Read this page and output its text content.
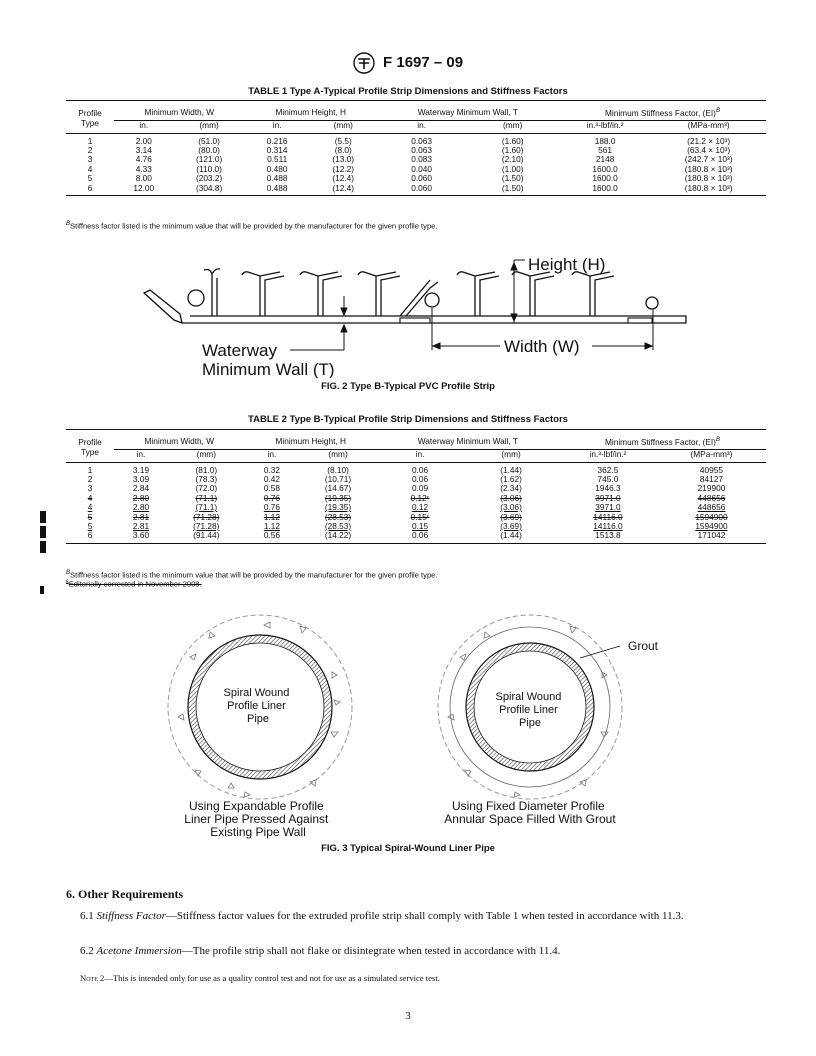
F 1697 – 09
TABLE 1 Type A-Typical Profile Strip Dimensions and Stiffness Factors
Profile
Type	Minimum Width, W		Minimum Height, H		Waterway Minimum Wall, T		Minimum Stiffness Factor, (EI)$^B$
	in.	(mm)	in.	(mm)	in.	(mm)	in.³-lbf/in.²	(MPa-mm³)
1	2.00	(51.0)	0.216	(5.5)	0.063	(1.60)	188.0	(21.2 × 10³)
2	3.14	(80.0)	0.314	(8.0)	0.063	(1.60)	561	(63.4 × 10³)
3	4.76	(121.0)	0.511	(13.0)	0.083	(2.10)	2148	(242.7 × 10³)
4	4.33	(110.0)	0.480	(12.2)	0.040	(1.00)	1600.0	(180.8 × 10³)
5	8.00	(203.2)	0.488	(12.4)	0.060	(1.50)	1600.0	(180.8 × 10³)
6	12.00	(304.8)	0.488	(12.4)	0.060	(1.50)	1600.0	(180.8 × 10³)
$^B$Stiffness factor listed is the minimum value that will be provided by the manufacturer for the given profile type.
Height (H)
Width (W)
Waterway
Minimum Wall (T)
FIG. 2 Type B-Typical PVC Profile Strip
TABLE 2 Type B-Typical Profile Strip Dimensions and Stiffness Factors
Profile
Type	Minimum Width, W		Minimum Height, H		Waterway Minimum Wall, T		Minimum Stiffness Factor, (EI)$^B$
	in.	(mm)	in.	(mm)	in.	(mm)	in.³-lbf/in.²	(MPa-mm³)
1	3.19	(81.0)	0.32	(8.10)	0.06	(1.44)	362.5	40955
2	3.09	(78.3)	0.42	(10.71)	0.06	(1.62)	745.0	84127
3	2.84	(72.0)	0.58	(14.67)	0.09	(2.34)	1946.3	219900
4	2.80	(71.1)	0.76	(19.35)	0.12ᵋ	(3.06)	3971.0	448656
4	2.80	(71.1)	0.76	(19.35)	0.12	(3.06)	3971.0	448656
5	2.81	(71.28)	1.12	(28.53)	0.15ᵋ	(3.69)	14116.0	1594900
5	2.81	(71.28)	1.12	(28.53)	0.15	(3.69)	14116.0	1594900
6	3.60	(91.44)	0.56	(14.22)	0.06	(1.44)	1513.8	171042
$^B$Stiffness factor listed is the minimum value that will be provided by the manufacturer for the given profile type.
$^\varepsilon$Editorially corrected in November 2008.
Spiral Wound Profile Liner Pipe
Grout
Spiral Wound Profile Liner Pipe
Using Expandable Profile Liner Pipe Pressed Against Existing Pipe Wall
Using Fixed Diameter Profile Annular Space Filled With Grout
FIG. 3 Typical Spiral-Wound Liner Pipe
6. Other Requirements
6.1 Stiffness Factor—Stiffness factor values for the extruded profile strip shall comply with Table 1 when tested in accordance with 11.3.
6.2 Acetone Immersion—The profile strip shall not flake or disintegrate when tested in accordance with 11.4.
Note 2—This is intended only for use as a quality control test and not for use as a simulated service test.
3
